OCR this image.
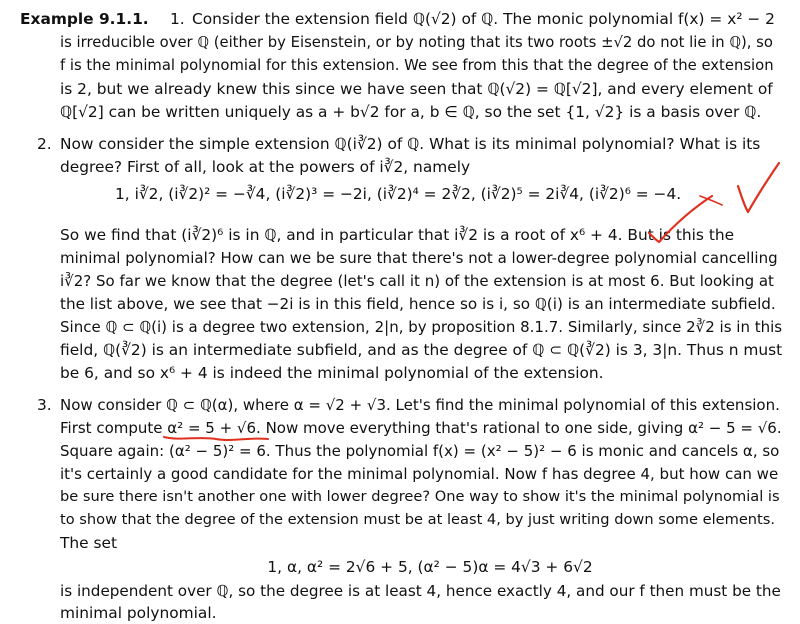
Example 9.1.1. 1. Consider the extension field ℚ(√2) of ℚ. The monic polynomial f(x) = x² − 2
is irreducible over ℚ (either by Eisenstein, or by noting that its two roots ±√2 do not lie in ℚ), so
f is the minimal polynomial for this extension. We see from this that the degree of the extension
is 2, but we already knew this since we have seen that ℚ(√2) = ℚ[√2], and every element of
ℚ[√2] can be written uniquely as a + b√2 for a, b ∈ ℚ, so the set {1, √2} is a basis over ℚ.
2. Now consider the simple extension ℚ(i∛2) of ℚ. What is its minimal polynomial? What is its
degree? First of all, look at the powers of i∛2, namely
1, i∛2, (i∛2)² = −∛4, (i∛2)³ = −2i, (i∛2)⁴ = 2∛2, (i∛2)⁵ = 2i∛4, (i∛2)⁶ = −4.
So we find that (i∛2)⁶ is in ℚ, and in particular that i∛2 is a root of x⁶ + 4. But is this the
minimal polynomial? How can we be sure that there's not a lower-degree polynomial cancelling
i∛2? So far we know that the degree (let's call it n) of the extension is at most 6. But looking at
the list above, we see that −2i is in this field, hence so is i, so ℚ(i) is an intermediate subfield.
Since ℚ ⊂ ℚ(i) is a degree two extension, 2|n, by proposition 8.1.7. Similarly, since 2∛2 is in this
field, ℚ(∛2) is an intermediate subfield, and as the degree of ℚ ⊂ ℚ(∛2) is 3, 3|n. Thus n must
be 6, and so x⁶ + 4 is indeed the minimal polynomial of the extension.
3. Now consider ℚ ⊂ ℚ(α), where α = √2 + √3. Let's find the minimal polynomial of this extension.
First compute α² = 5 + √6. Now move everything that's rational to one side, giving α² − 5 = √6.
Square again: (α² − 5)² = 6. Thus the polynomial f(x) = (x² − 5)² − 6 is monic and cancels α, so
it's certainly a good candidate for the minimal polynomial. Now f has degree 4, but how can we
be sure there isn't another one with lower degree? One way to show it's the minimal polynomial is
to show that the degree of the extension must be at least 4, by just writing down some elements.
The set
1, α, α² = 2√6 + 5, (α² − 5)α = 4√3 + 6√2
is independent over ℚ, so the degree is at least 4, hence exactly 4, and our f then must be the
minimal polynomial.
